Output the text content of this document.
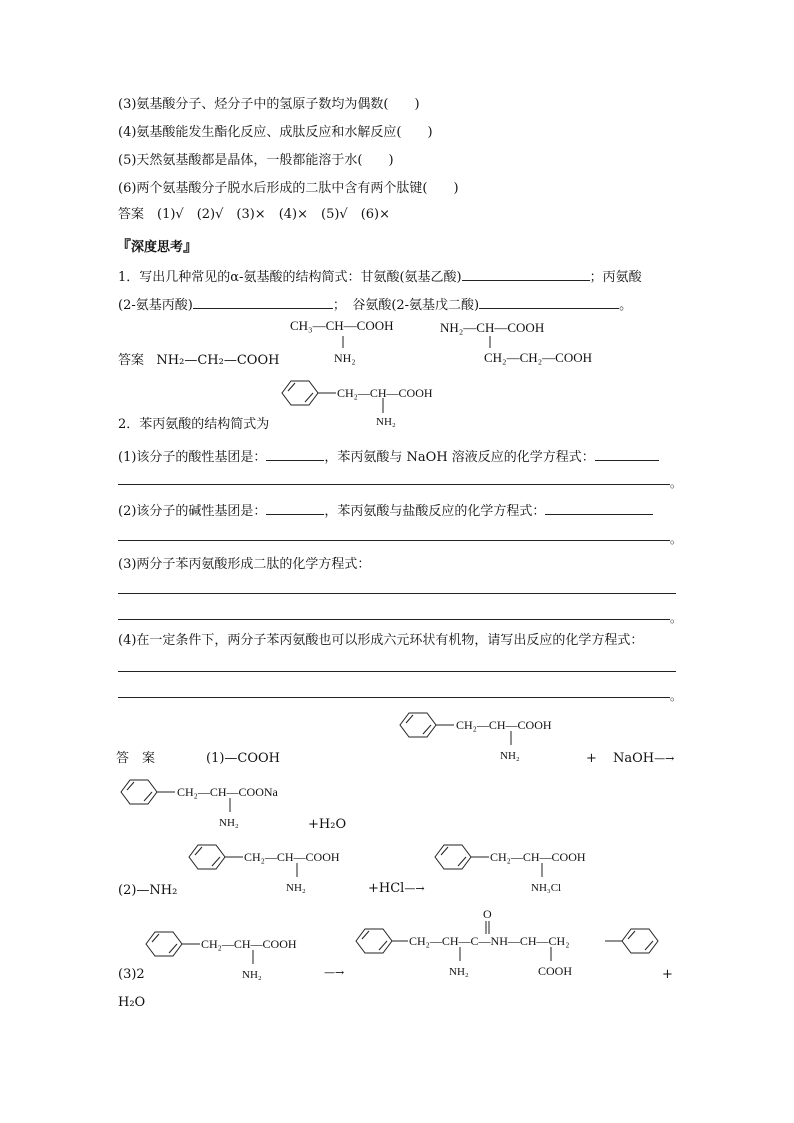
(3)氨基酸分子、烃分子中的氢原子数均为偶数(　　)
(4)氨基酸能发生酯化反应、成肽反应和水解反应(　　)
(5)天然氨基酸都是晶体，一般都能溶于水(　　)
(6)两个氨基酸分子脱水后形成的二肽中含有两个肽键(　　)
答案　(1)√　(2)√　(3)×　(4)×　(5)√　(6)×
『深度思考』
1．写出几种常见的α-氨基酸的结构简式：甘氨酸(氨基乙酸)	；丙氨酸
(2-氨基丙酸)	；　谷氨酸(2-氨基戊二酸)	。
答案 NH₂—CH₂—COOH
2．苯丙氨酸的结构简式为
(1)该分子的酸性基团是：	，苯丙氨酸与 NaOH 溶液反应的化学方程式：
。
(2)该分子的碱性基团是：	，苯丙氨酸与盐酸反应的化学方程式：
。
(3)两分子苯丙氨酸形成二肽的化学方程式：
。
(4)在一定条件下，两分子苯丙氨酸也可以形成六元环状有机物，请写出反应的化学方程式：
。
答　案	(1)—COOH	+ NaOH—→
+H₂O
(2)—NH₂	+HCl—→
(3)2	—→	+
H₂O
CH₃—CH—COOH
NH₂
NH₂—CH—COOH
CH₂—CH₂—COOH
CH₂—CH—COOH
NH₂
CH₂—CH—COOH
NH₂
CH₂—CH—COONa
NH₂
CH₂—CH—COOH
NH₂
CH₂—CH—COOH
NH₃Cl
CH₂—CH—COOH
NH₂
O
CH₂—CH—C—NH—CH—CH₂
NH₂	COOH
